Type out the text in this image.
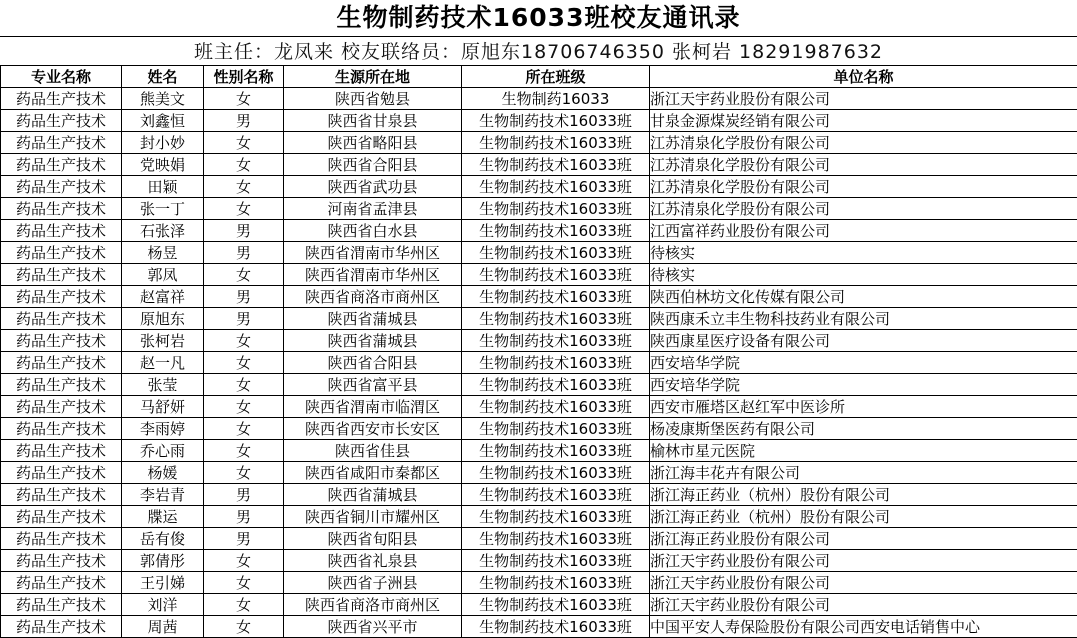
生物制药技术16033班校友通讯录
班主任：龙凤来 校友联络员：原旭东18706746350 张柯岩 18291987632
专业名称	姓名	性别名称	生源所在地	所在班级	单位名称
药品生产技术	熊美文	女	陕西省勉县	生物制药16033	浙江天宇药业股份有限公司
药品生产技术	刘鑫恒	男	陕西省甘泉县	生物制药技术16033班	甘泉金源煤炭经销有限公司
药品生产技术	封小妙	女	陕西省略阳县	生物制药技术16033班	江苏清泉化学股份有限公司
药品生产技术	党映娟	女	陕西省合阳县	生物制药技术16033班	江苏清泉化学股份有限公司
药品生产技术	田颖	女	陕西省武功县	生物制药技术16033班	江苏清泉化学股份有限公司
药品生产技术	张一丁	女	河南省孟津县	生物制药技术16033班	江苏清泉化学股份有限公司
药品生产技术	石张泽	男	陕西省白水县	生物制药技术16033班	江西富祥药业股份有限公司
药品生产技术	杨昱	男	陕西省渭南市华州区	生物制药技术16033班	待核实
药品生产技术	郭凤	女	陕西省渭南市华州区	生物制药技术16033班	待核实
药品生产技术	赵富祥	男	陕西省商洛市商州区	生物制药技术16033班	陕西伯林坊文化传媒有限公司
药品生产技术	原旭东	男	陕西省蒲城县	生物制药技术16033班	陕西康禾立丰生物科技药业有限公司
药品生产技术	张柯岩	女	陕西省蒲城县	生物制药技术16033班	陕西康星医疗设备有限公司
药品生产技术	赵一凡	女	陕西省合阳县	生物制药技术16033班	西安培华学院
药品生产技术	张莹	女	陕西省富平县	生物制药技术16033班	西安培华学院
药品生产技术	马舒妍	女	陕西省渭南市临渭区	生物制药技术16033班	西安市雁塔区赵红军中医诊所
药品生产技术	李雨婷	女	陕西省西安市长安区	生物制药技术16033班	杨凌康斯堡医药有限公司
药品生产技术	乔心雨	女	陕西省佳县	生物制药技术16033班	榆林市星元医院
药品生产技术	杨媛	女	陕西省咸阳市秦都区	生物制药技术16033班	浙江海丰花卉有限公司
药品生产技术	李岩青	男	陕西省蒲城县	生物制药技术16033班	浙江海正药业（杭州）股份有限公司
药品生产技术	牒运	男	陕西省铜川市耀州区	生物制药技术16033班	浙江海正药业（杭州）股份有限公司
药品生产技术	岳有俊	男	陕西省旬阳县	生物制药技术16033班	浙江海正药业股份有限公司
药品生产技术	郭倩彤	女	陕西省礼泉县	生物制药技术16033班	浙江天宇药业股份有限公司
药品生产技术	王引娣	女	陕西省子洲县	生物制药技术16033班	浙江天宇药业股份有限公司
药品生产技术	刘洋	女	陕西省商洛市商州区	生物制药技术16033班	浙江天宇药业股份有限公司
药品生产技术	周茜	女	陕西省兴平市	生物制药技术16033班	中国平安人寿保险股份有限公司西安电话销售中心
